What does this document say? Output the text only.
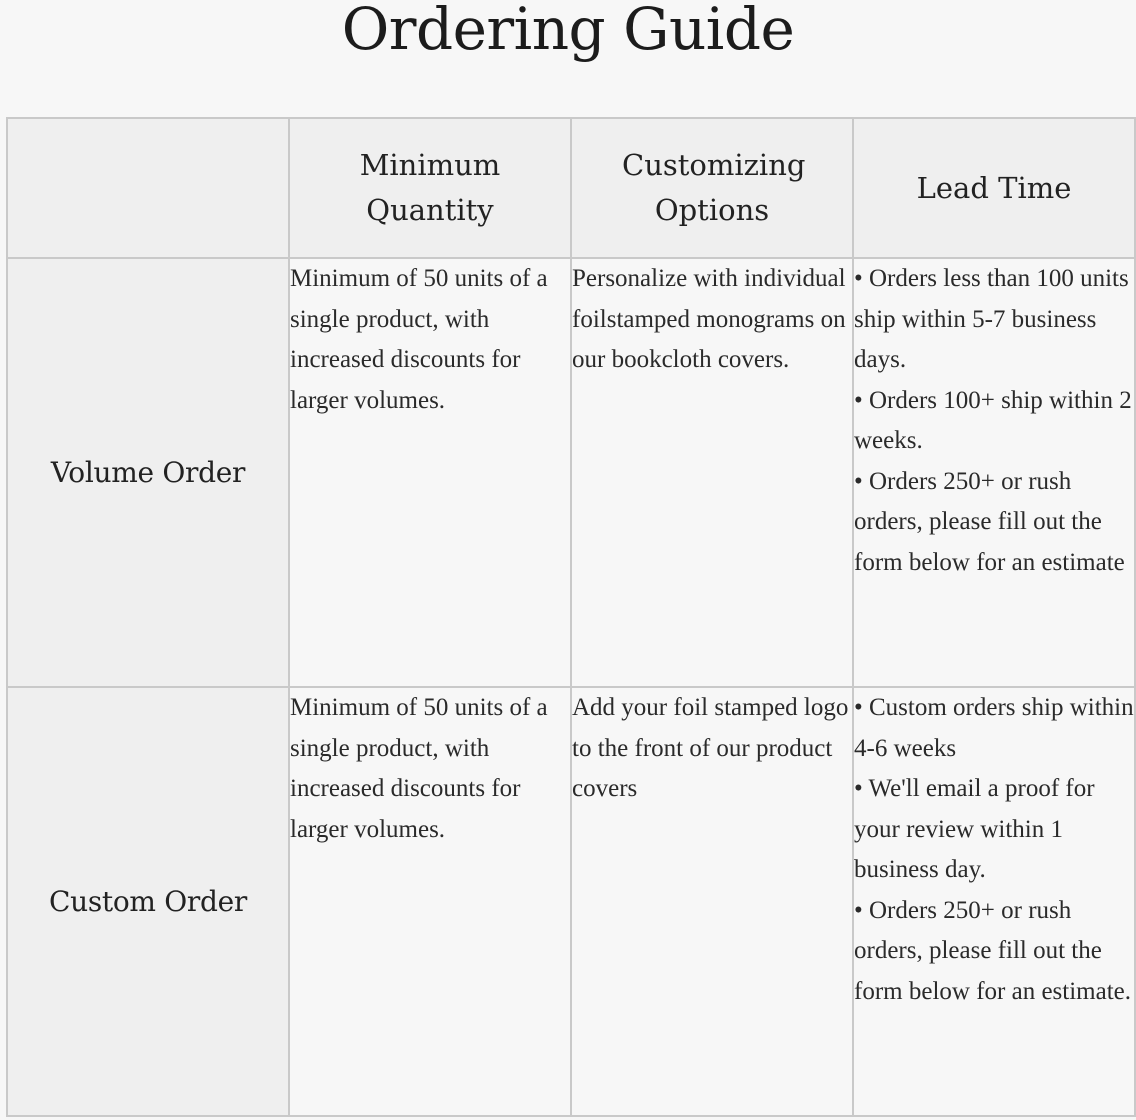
Ordering Guide
	Minimum Quantity	Customizing Options	Lead Time
Volume Order	Minimum of 50 units of a single product, with increased discounts for larger volumes.	Personalize with individual foilstamped monograms on our bookcloth covers.	• Orders less than 100 units ship within 5-7 business days.
• Orders 100+ ship within 2 weeks.
• Orders 250+ or rush orders, please fill out the form below for an estimate

Custom Order	Minimum of 50 units of a single product, with increased discounts for larger volumes.	Add your foil stamped logo to the front of our product covers	• Custom orders ship within 4-6 weeks
• We'll email a proof for your review within 1 business day.
• Orders 250+ or rush orders, please fill out the form below for an estimate.
